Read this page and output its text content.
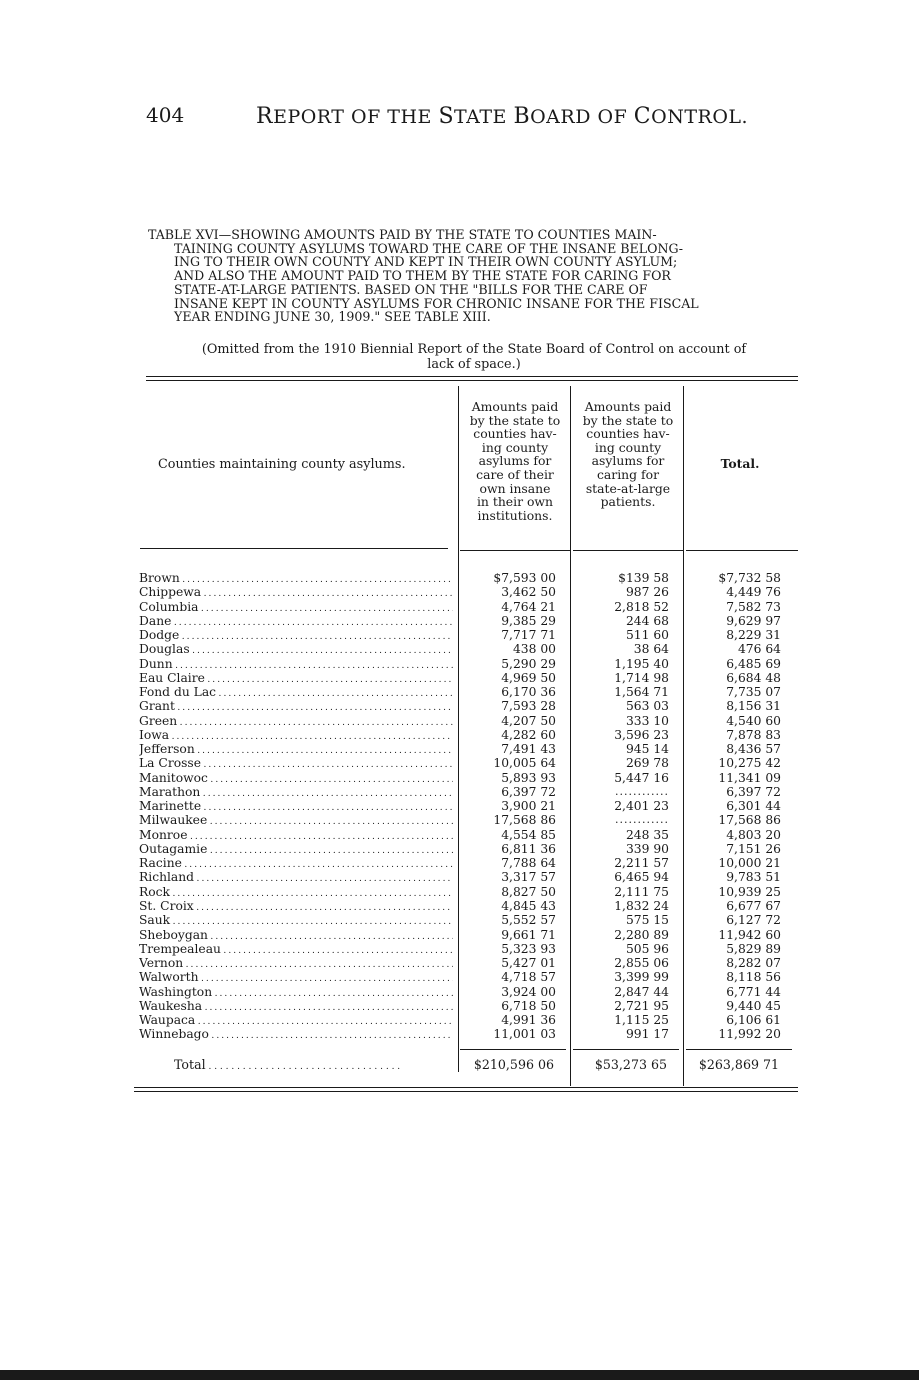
404	REPORT OF THE STATE BOARD OF CONTROL.
TABLE XVI—SHOWING AMOUNTS PAID BY THE STATE TO COUNTIES MAIN-
TAINING COUNTY ASYLUMS TOWARD THE CARE OF THE INSANE BELONG-
ING TO THEIR OWN COUNTY AND KEPT IN THEIR OWN COUNTY ASYLUM;
AND ALSO THE AMOUNT PAID TO THEM BY THE STATE FOR CARING FOR
STATE-AT-LARGE PATIENTS. BASED ON THE "BILLS FOR THE CARE OF
INSANE KEPT IN COUNTY ASYLUMS FOR CHRONIC INSANE FOR THE FISCAL
YEAR ENDING JUNE 30, 1909." SEE TABLE XIII.
(Omitted from the 1910 Biennial Report of the State Board of Control on account of
lack of space.)
Counties maintaining county asylums.
Amounts paid
by the state to
counties hav-
ing county
asylums for
care of their
own insane
in their own
institutions.
Amounts paid
by the state to
counties hav-
ing county
asylums for
caring for
state-at-large
patients.
Total.
Brown . . .	$7,593 00	$139 58	$7,732 58
Chippewa . . .	3,462 50	987 26	4,449 76
Columbia . . .	4,764 21	2,818 52	7,582 73
Dane . . .	9,385 29	244 68	9,629 97
Dodge . . .	7,717 71	511 60	8,229 31
Douglas . . .	438 00	38 64	476 64
Dunn . . .	5,290 29	1,195 40	6,485 69
Eau Claire . . .	4,969 50	1,714 98	6,684 48
Fond du Lac . . .	6,170 36	1,564 71	7,735 07
Grant . . .	7,593 28	563 03	8,156 31
Green . . .	4,207 50	333 10	4,540 60
Iowa . . .	4,282 60	3,596 23	7,878 83
Jefferson . . .	7,491 43	945 14	8,436 57
La Crosse . . .	10,005 64	269 78	10,275 42
Manitowoc . . .	5,893 93	5,447 16	11,341 09
Marathon . . .	6,397 72	............	6,397 72
Marinette . . .	3,900 21	2,401 23	6,301 44
Milwaukee . . .	17,568 86	............	17,568 86
Monroe . . .	4,554 85	248 35	4,803 20
Outagamie . . .	6,811 36	339 90	7,151 26
Racine . . .	7,788 64	2,211 57	10,000 21
Richland . . .	3,317 57	6,465 94	9,783 51
Rock . . .	8,827 50	2,111 75	10,939 25
St. Croix . . .	4,845 43	1,832 24	6,677 67
Sauk . . .	5,552 57	575 15	6,127 72
Sheboygan . . .	9,661 71	2,280 89	11,942 60
Trempealeau . . .	5,323 93	505 96	5,829 89
Vernon . . .	5,427 01	2,855 06	8,282 07
Walworth . . .	4,718 57	3,399 99	8,118 56
Washington . . .	3,924 00	2,847 44	6,771 44
Waukesha . . .	6,718 50	2,721 95	9,440 45
Waupaca . . .	4,991 36	1,115 25	6,106 61
Winnebago . . .	11,001 03	991 17	11,992 20
Total . . .	$210,596 06	$53,273 65	$263,869 71
